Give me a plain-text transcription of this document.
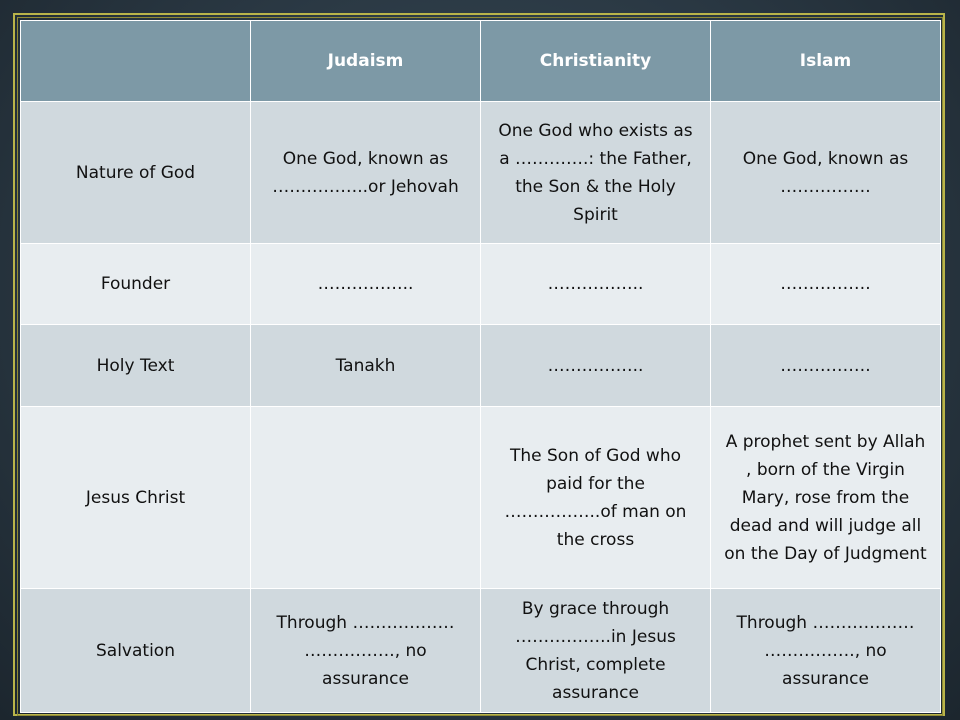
	Judaism	Christianity	Islam
Nature of God	One God, known as ……………..or Jehovah	One God who exists as a ………….: the Father, the Son & the Holy Spirit	One God, known as …………….
Founder	……………..	……………..	…………….
Holy Text	Tanakh	……………..	…………….
Jesus Christ		The Son of God who paid for the ……………..of man on the cross	A prophet sent by Allah , born of the Virgin Mary, rose from the dead and will judge all on the Day of Judgment
Salvation	Through ……………… ……………., no assurance	By grace through ……………..in Jesus Christ, complete assurance	Through ……………… ……………., no assurance
